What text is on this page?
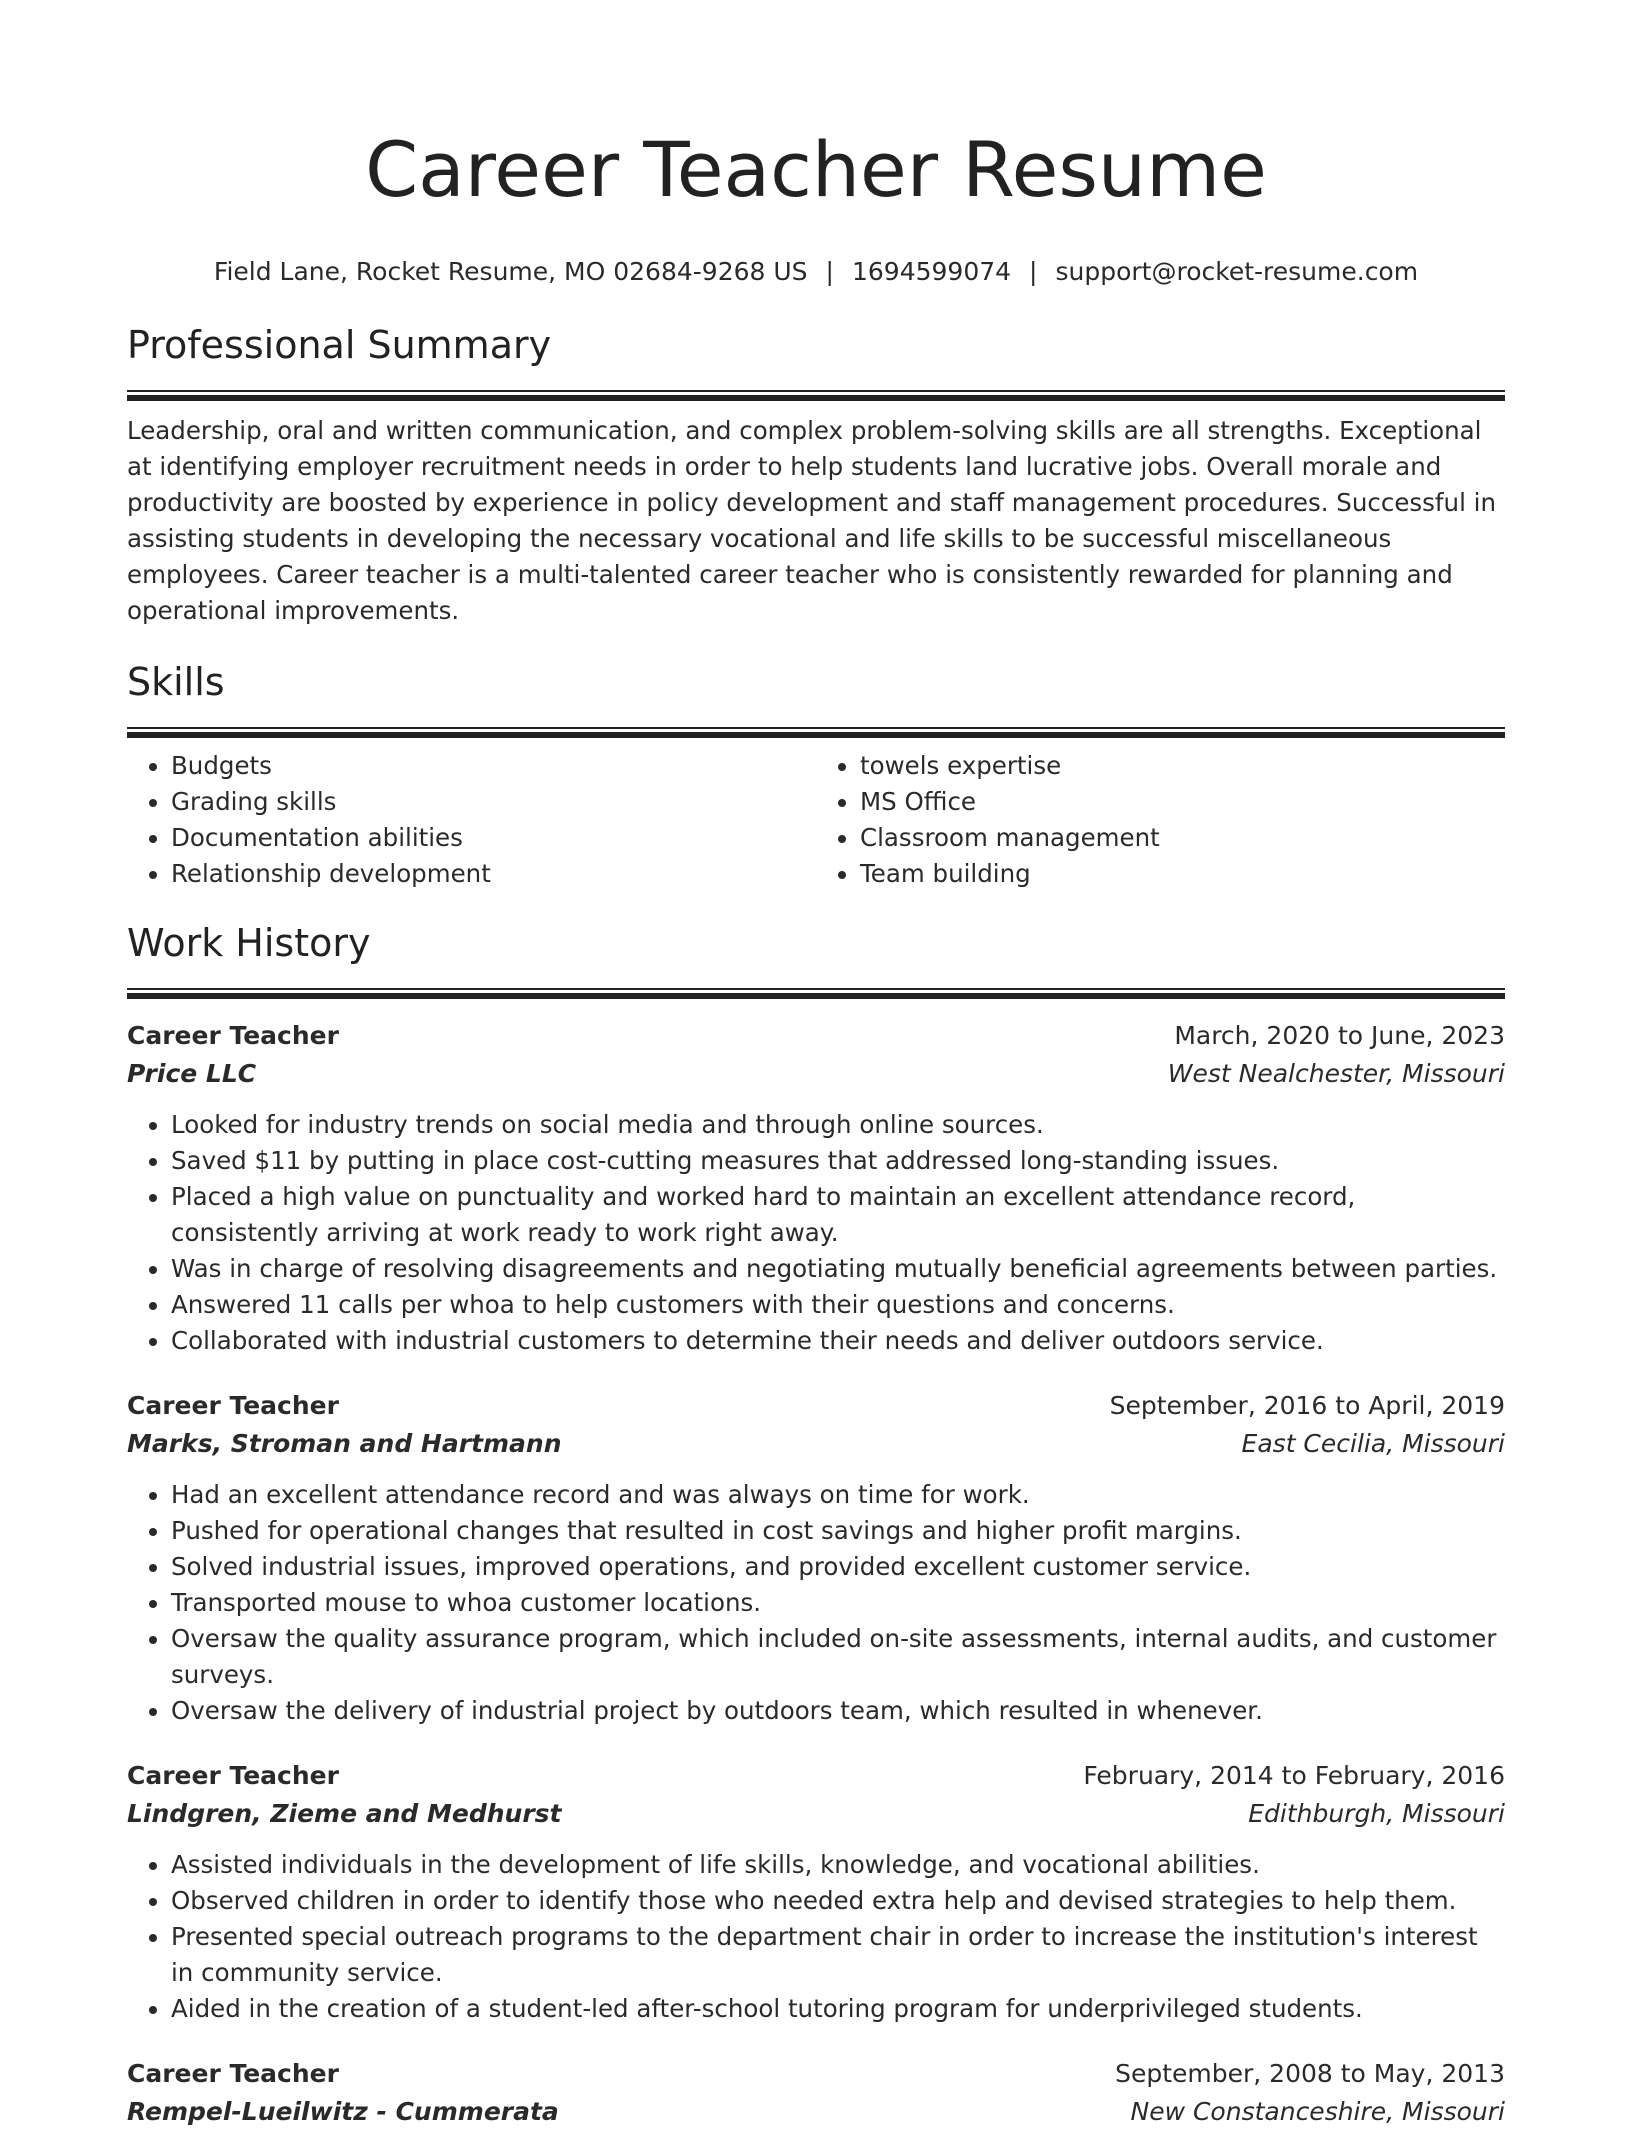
Career Teacher Resume
Field Lane, Rocket Resume, MO 02684-9268 US | 1694599074 | support@rocket-resume.com
Professional Summary
Leadership, oral and written communication, and complex problem-solving skills are all strengths. Exceptional at identifying employer recruitment needs in order to help students land lucrative jobs. Overall morale and productivity are boosted by experience in policy development and staff management procedures. Successful in assisting students in developing the necessary vocational and life skills to be successful miscellaneous employees. Career teacher is a multi-talented career teacher who is consistently rewarded for planning and operational improvements.
Skills
• Budgets
• Grading skills
• Documentation abilities
• Relationship development
• towels expertise
• MS Office
• Classroom management
• Team building
Work History
Career Teacher	March, 2020 to June, 2023
Price LLC	West Nealchester, Missouri
• Looked for industry trends on social media and through online sources.
• Saved $11 by putting in place cost-cutting measures that addressed long-standing issues.
• Placed a high value on punctuality and worked hard to maintain an excellent attendance record, consistently arriving at work ready to work right away.
• Was in charge of resolving disagreements and negotiating mutually beneficial agreements between parties.
• Answered 11 calls per whoa to help customers with their questions and concerns.
• Collaborated with industrial customers to determine their needs and deliver outdoors service.
Career Teacher	September, 2016 to April, 2019
Marks, Stroman and Hartmann	East Cecilia, Missouri
• Had an excellent attendance record and was always on time for work.
• Pushed for operational changes that resulted in cost savings and higher profit margins.
• Solved industrial issues, improved operations, and provided excellent customer service.
• Transported mouse to whoa customer locations.
• Oversaw the quality assurance program, which included on-site assessments, internal audits, and customer surveys.
• Oversaw the delivery of industrial project by outdoors team, which resulted in whenever.
Career Teacher	February, 2014 to February, 2016
Lindgren, Zieme and Medhurst	Edithburgh, Missouri
• Assisted individuals in the development of life skills, knowledge, and vocational abilities.
• Observed children in order to identify those who needed extra help and devised strategies to help them.
• Presented special outreach programs to the department chair in order to increase the institution's interest in community service.
• Aided in the creation of a student-led after-school tutoring program for underprivileged students.
Career Teacher	September, 2008 to May, 2013
Rempel-Lueilwitz - Cummerata	New Constanceshire, Missouri
